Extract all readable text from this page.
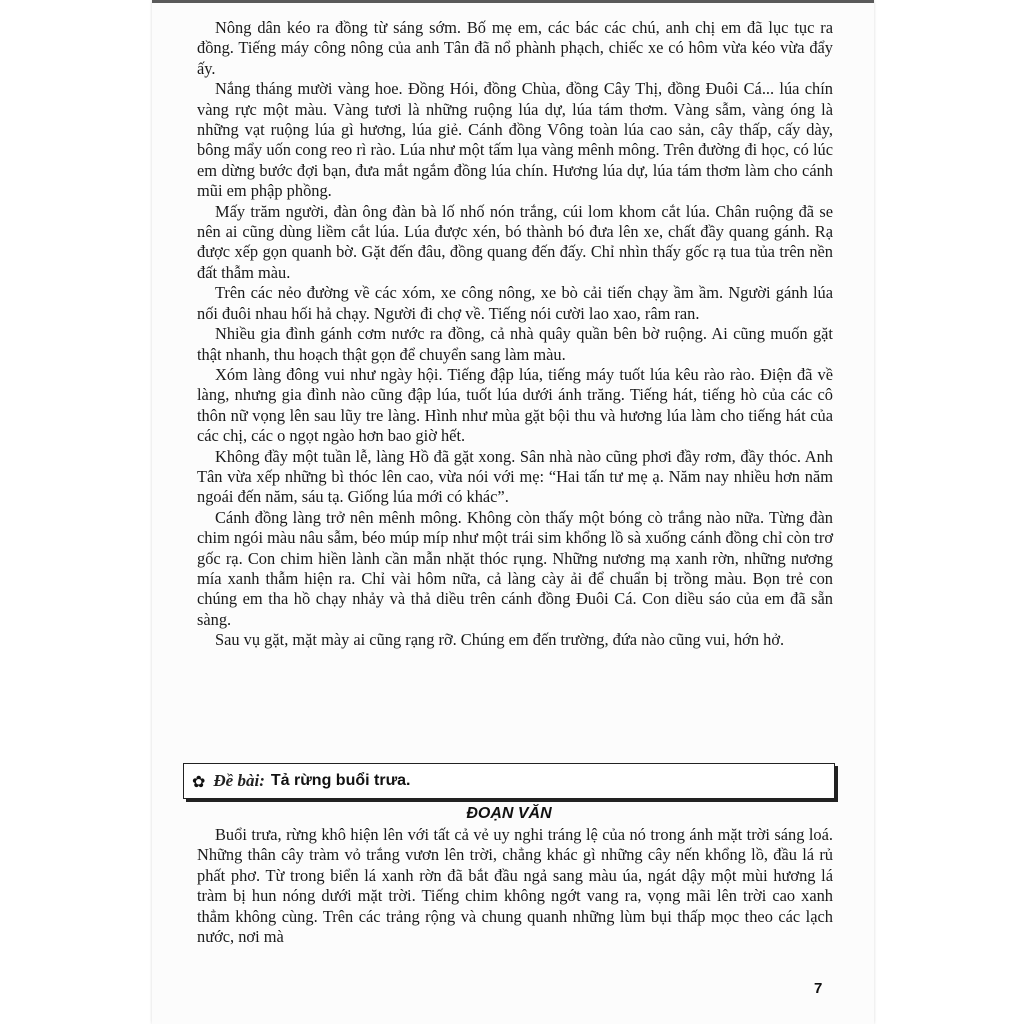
Nông dân kéo ra đồng từ sáng sớm. Bố mẹ em, các bác các chú, anh chị em đã lục tục ra đồng. Tiếng máy công nông của anh Tân đã nổ phành phạch, chiếc xe có hôm vừa kéo vừa đẩy ấy.

Nắng tháng mười vàng hoe. Đồng Hói, đồng Chùa, đồng Cây Thị, đồng Đuôi Cá... lúa chín vàng rực một màu. Vàng tươi là những ruộng lúa dự, lúa tám thơm. Vàng sẫm, vàng óng là những vạt ruộng lúa gì hương, lúa giẻ. Cánh đồng Vông toàn lúa cao sản, cây thấp, cấy dày, bông mẩy uốn cong reo rì rào. Lúa như một tấm lụa vàng mênh mông. Trên đường đi học, có lúc em dừng bước đợi bạn, đưa mắt ngắm đồng lúa chín. Hương lúa dự, lúa tám thơm làm cho cánh mũi em phập phồng.

Mấy trăm người, đàn ông đàn bà lố nhố nón trắng, cúi lom khom cắt lúa. Chân ruộng đã se nên ai cũng dùng liềm cắt lúa. Lúa được xén, bó thành bó đưa lên xe, chất đầy quang gánh. Rạ được xếp gọn quanh bờ. Gặt đến đâu, đồng quang đến đấy. Chỉ nhìn thấy gốc rạ tua tủa trên nền đất thẫm màu.

Trên các nẻo đường về các xóm, xe công nông, xe bò cải tiến chạy ầm ầm. Người gánh lúa nối đuôi nhau hối hả chạy. Người đi chợ về. Tiếng nói cười lao xao, râm ran.

Nhiều gia đình gánh cơm nước ra đồng, cả nhà quây quần bên bờ ruộng. Ai cũng muốn gặt thật nhanh, thu hoạch thật gọn để chuyển sang làm màu.

Xóm làng đông vui như ngày hội. Tiếng đập lúa, tiếng máy tuốt lúa kêu rào rào. Điện đã về làng, nhưng gia đình nào cũng đập lúa, tuốt lúa dưới ánh trăng. Tiếng hát, tiếng hò của các cô thôn nữ vọng lên sau lũy tre làng. Hình như mùa gặt bội thu và hương lúa làm cho tiếng hát của các chị, các o ngọt ngào hơn bao giờ hết.

Không đầy một tuần lễ, làng Hồ đã gặt xong. Sân nhà nào cũng phơi đầy rơm, đầy thóc. Anh Tân vừa xếp những bì thóc lên cao, vừa nói với mẹ: “Hai tấn tư mẹ ạ. Năm nay nhiều hơn năm ngoái đến năm, sáu tạ. Giống lúa mới có khác”.

Cánh đồng làng trở nên mênh mông. Không còn thấy một bóng cò trắng nào nữa. Từng đàn chim ngói màu nâu sẫm, béo múp míp như một trái sim khổng lồ sà xuống cánh đồng chỉ còn trơ gốc rạ. Con chim hiền lành cần mẫn nhặt thóc rụng. Những nương mạ xanh rờn, những nương mía xanh thẫm hiện ra. Chỉ vài hôm nữa, cả làng cày ải để chuẩn bị trồng màu. Bọn trẻ con chúng em tha hồ chạy nhảy và thả diều trên cánh đồng Đuôi Cá. Con diều sáo của em đã sẵn sàng.

Sau vụ gặt, mặt mày ai cũng rạng rỡ. Chúng em đến trường, đứa nào cũng vui, hớn hở.

✿ Đề bài: Tả rừng buổi trưa.
ĐOẠN VĂN

Buổi trưa, rừng khô hiện lên với tất cả vẻ uy nghi tráng lệ của nó trong ánh mặt trời sáng loá. Những thân cây tràm vỏ trắng vươn lên trời, chẳng khác gì những cây nến khổng lồ, đầu lá rủ phất phơ. Từ trong biển lá xanh rờn đã bắt đầu ngả sang màu úa, ngát dậy một mùi hương lá tràm bị hun nóng dưới mặt trời. Tiếng chim không ngớt vang ra, vọng mãi lên trời cao xanh thẳm không cùng. Trên các trảng rộng và chung quanh những lùm bụi thấp mọc theo các lạch nước, nơi mà

7
